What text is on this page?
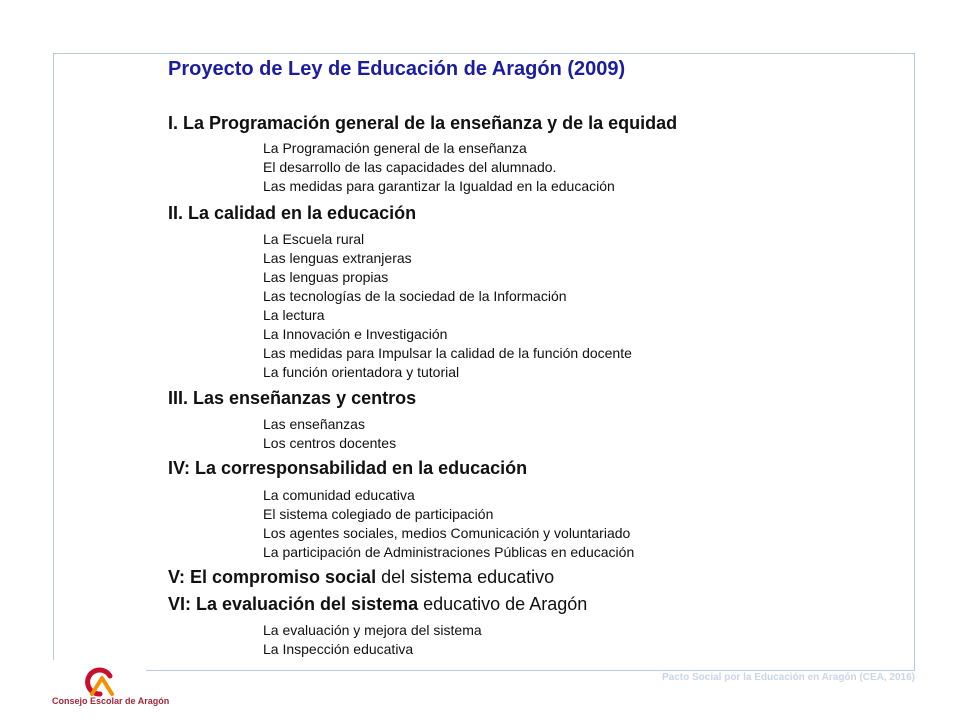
Proyecto de Ley de Educación de Aragón (2009)

I. La Programación general de la enseñanza y de la equidad

La Programación general de la enseñanza
El desarrollo de las capacidades del alumnado.
Las medidas para garantizar la Igualdad en la educación

II. La calidad en la educación

La Escuela rural
Las lenguas extranjeras
Las lenguas propias
Las tecnologías de la sociedad de la Información
La lectura
La Innovación e Investigación
Las medidas para Impulsar la calidad de la función docente
La función orientadora y tutorial

III. Las enseñanzas y centros

Las enseñanzas
Los centros docentes

IV: La corresponsabilidad en la educación

La comunidad educativa
El sistema colegiado de participación
Los agentes sociales, medios Comunicación y voluntariado
La participación de Administraciones Públicas en educación

V: El compromiso social del sistema educativo

VI: La evaluación del sistema educativo de Aragón

La evaluación y mejora del sistema
La Inspección educativa
Pacto Social por la Educación en Aragón (CEA, 2016)
Consejo Escolar de Aragón
